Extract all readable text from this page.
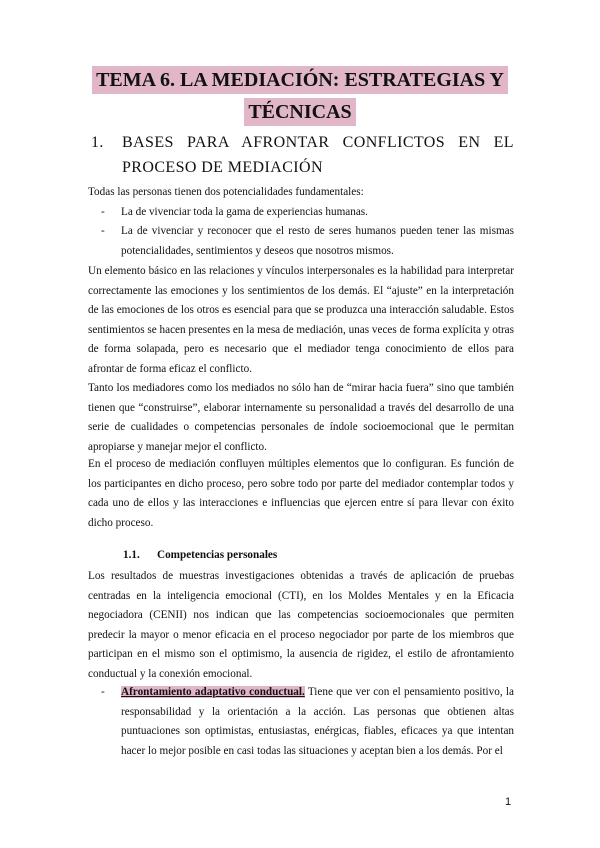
TEMA 6. LA MEDIACIÓN: ESTRATEGIAS Y
TÉCNICAS
1. BASES PARA AFRONTAR CONFLICTOS EN EL
PROCESO DE MEDIACIÓN
Todas las personas tienen dos potencialidades fundamentales:
- La de vivenciar toda la gama de experiencias humanas.
- La de vivenciar y reconocer que el resto de seres humanos pueden tener las mismas potencialidades, sentimientos y deseos que nosotros mismos.
Un elemento básico en las relaciones y vínculos interpersonales es la habilidad para interpretar correctamente las emociones y los sentimientos de los demás. El “ajuste” en la interpretación de las emociones de los otros es esencial para que se produzca una interacción saludable. Estos sentimientos se hacen presentes en la mesa de mediación, unas veces de forma explícita y otras de forma solapada, pero es necesario que el mediador tenga conocimiento de ellos para afrontar de forma eficaz el conflicto.
Tanto los mediadores como los mediados no sólo han de “mirar hacia fuera” sino que también tienen que “construirse”, elaborar internamente su personalidad a través del desarrollo de una serie de cualidades o competencias personales de índole socioemocional que le permitan apropiarse y manejar mejor el conflicto.
En el proceso de mediación confluyen múltiples elementos que lo configuran. Es función de los participantes en dicho proceso, pero sobre todo por parte del mediador contemplar todos y cada uno de ellos y las interacciones e influencias que ejercen entre sí para llevar con éxito dicho proceso.
1.1. Competencias personales
Los resultados de muestras investigaciones obtenidas a través de aplicación de pruebas centradas en la inteligencia emocional (CTI), en los Moldes Mentales y en la Eficacia negociadora (CENII) nos indican que las competencias socioemocionales que permiten predecir la mayor o menor eficacia en el proceso negociador por parte de los miembros que participan en el mismo son el optimismo, la ausencia de rigidez, el estilo de afrontamiento conductual y la conexión emocional.
- Afrontamiento adaptativo conductual. Tiene que ver con el pensamiento positivo, la responsabilidad y la orientación a la acción. Las personas que obtienen altas puntuaciones son optimistas, entusiastas, enérgicas, fiables, eficaces ya que intentan hacer lo mejor posible en casi todas las situaciones y aceptan bien a los demás. Por el
1
